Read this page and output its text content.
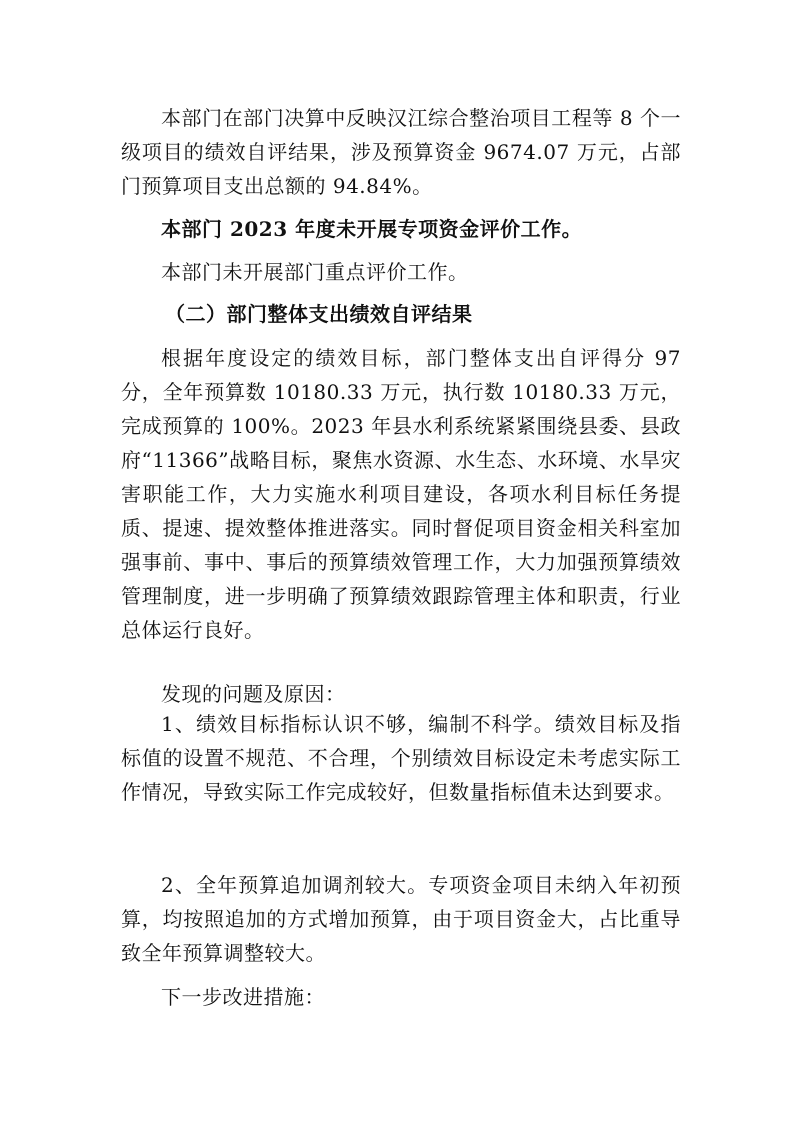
本部门在部门决算中反映汉江综合整治项目工程等 8 个一级项目的绩效自评结果，涉及预算资金 9674.07 万元，占部门预算项目支出总额的 94.84%。

本部门 2023 年度未开展专项资金评价工作。

本部门未开展部门重点评价工作。

（二）部门整体支出绩效自评结果

根据年度设定的绩效目标，部门整体支出自评得分 97 分，全年预算数 10180.33 万元，执行数 10180.33 万元，完成预算的 100%。2023 年县水利系统紧紧围绕县委、县政府“11366”战略目标，聚焦水资源、水生态、水环境、水旱灾害职能工作，大力实施水利项目建设，各项水利目标任务提质、提速、提效整体推进落实。同时督促项目资金相关科室加强事前、事中、事后的预算绩效管理工作，大力加强预算绩效管理制度，进一步明确了预算绩效跟踪管理主体和职责，行业总体运行良好。

发现的问题及原因：

1、绩效目标指标认识不够，编制不科学。绩效目标及指标值的设置不规范、不合理，个别绩效目标设定未考虑实际工作情况，导致实际工作完成较好，但数量指标值未达到要求。

2、全年预算追加调剂较大。专项资金项目未纳入年初预算，均按照追加的方式增加预算，由于项目资金大，占比重导致全年预算调整较大。

下一步改进措施：
